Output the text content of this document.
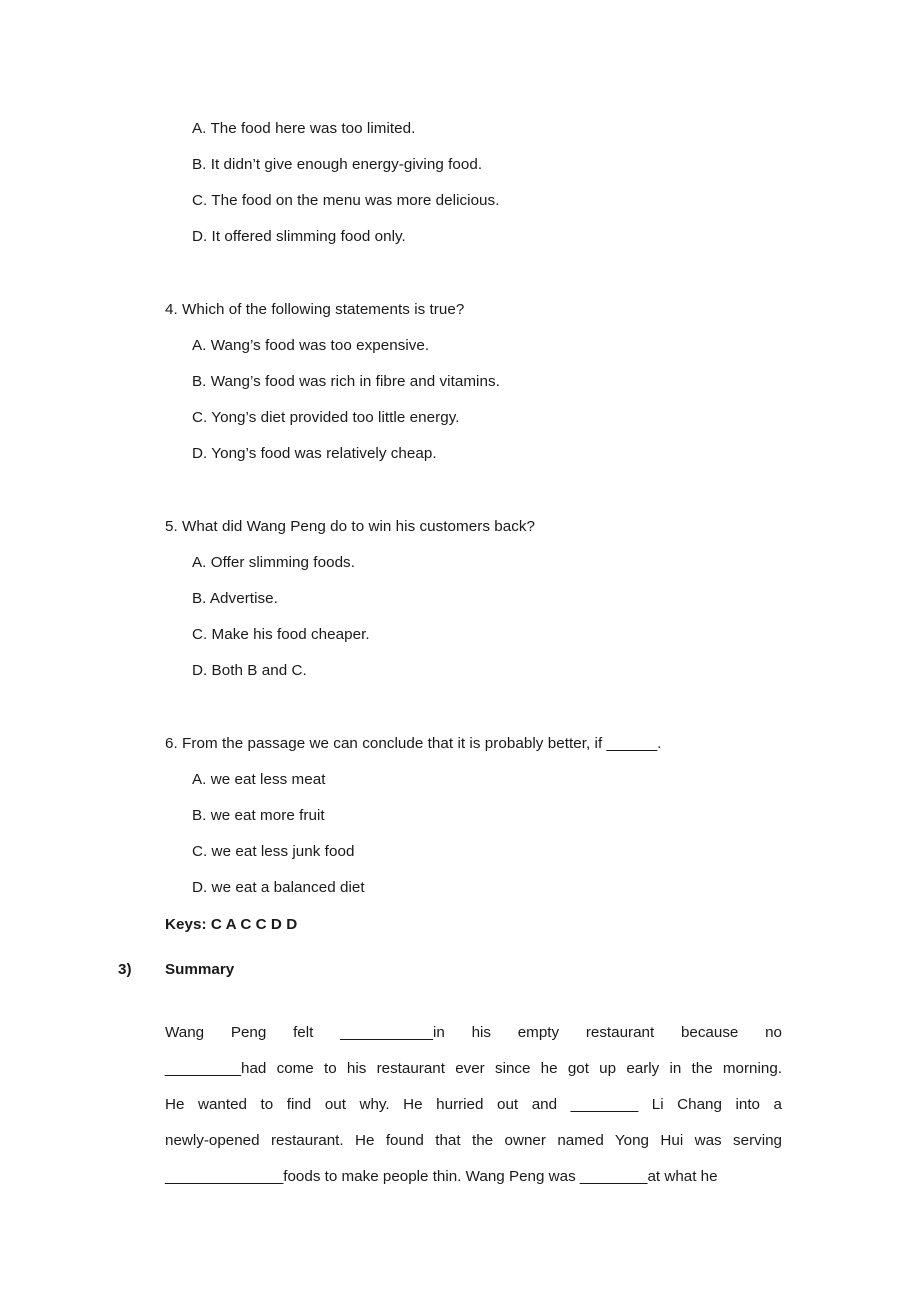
A. The food here was too limited.
B. It didn’t give enough energy-giving food.
C. The food on the menu was more delicious.
D. It offered slimming food only.
4. Which of the following statements is true?
A. Wang’s food was too expensive.
B. Wang’s food was rich in fibre and vitamins.
C. Yong’s diet provided too little energy.
D. Yong’s food was relatively cheap.
5. What did Wang Peng do to win his customers back?
A. Offer slimming foods.
B. Advertise.
C. Make his food cheaper.
D. Both B and C.
6. From the passage we can conclude that it is probably better, if ______.
A. we eat less meat
B. we eat more fruit
C. we eat less junk food
D. we eat a balanced diet
Keys: C A C C D D
3) Summary
Wang Peng felt ___________in his empty restaurant because no
_________had come to his restaurant ever since he got up early in the morning.
He wanted to find out why. He hurried out and ________ Li Chang into a
newly-opened restaurant. He found that the owner named Yong Hui was serving
______________foods to make people thin. Wang Peng was ________at what he
